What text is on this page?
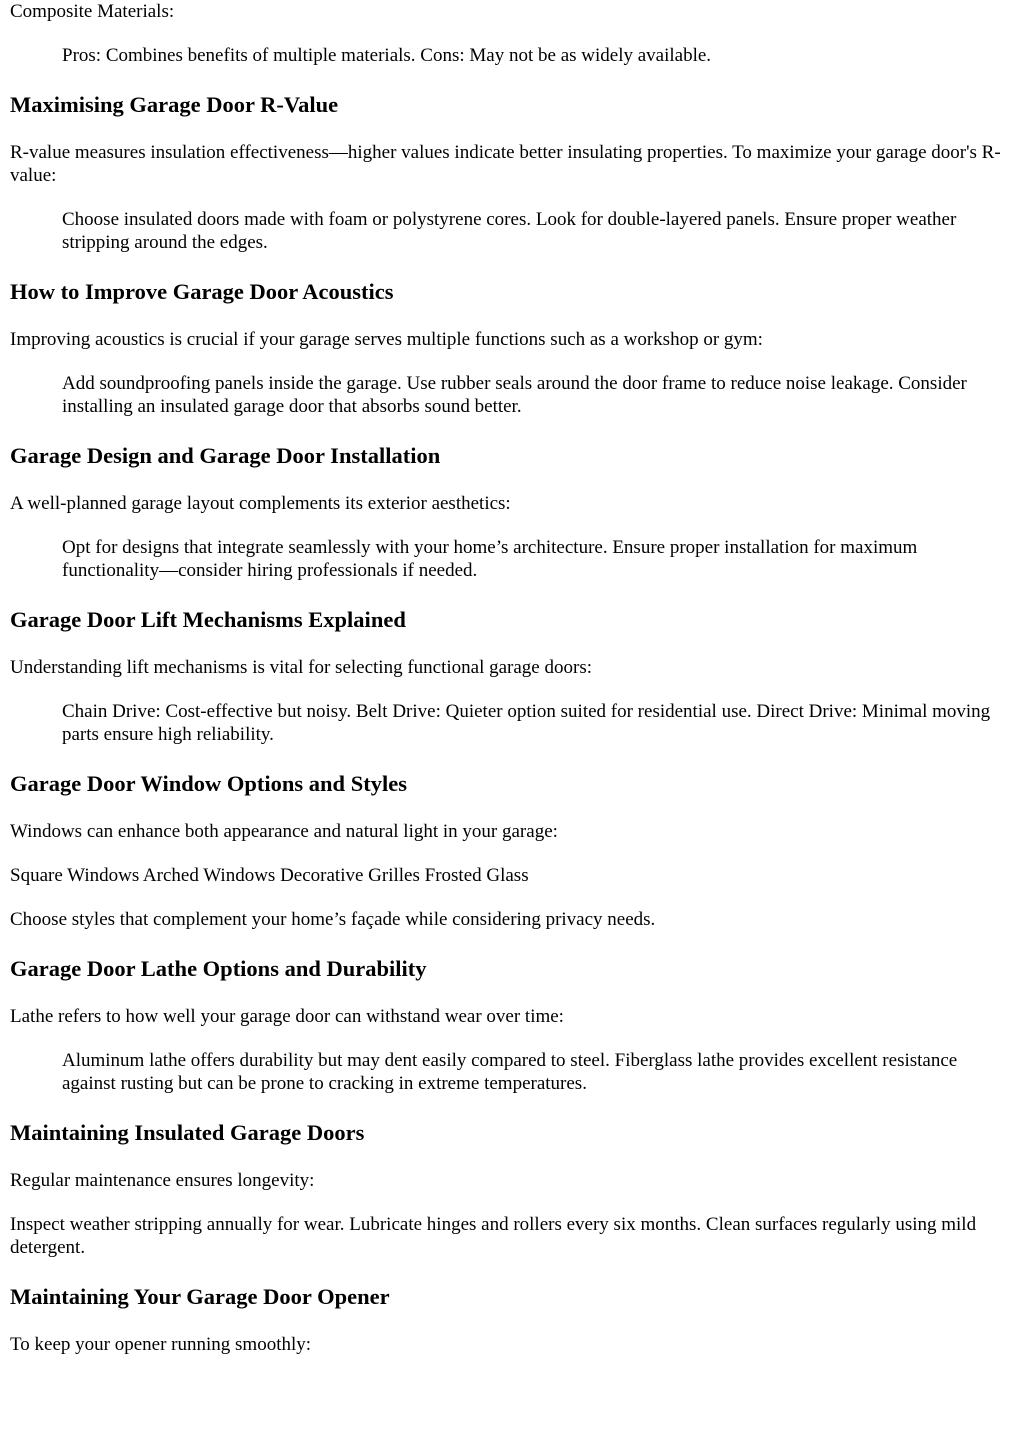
Composite Materials:

Pros: Combines benefits of multiple materials. Cons: May not be as widely available.

Maximising Garage Door R-Value

R-value measures insulation effectiveness—higher values indicate better insulating properties. To maximize your garage door's R-value:

Choose insulated doors made with foam or polystyrene cores. Look for double-layered panels. Ensure proper weather stripping around the edges.

How to Improve Garage Door Acoustics

Improving acoustics is crucial if your garage serves multiple functions such as a workshop or gym:

Add soundproofing panels inside the garage. Use rubber seals around the door frame to reduce noise leakage. Consider installing an insulated garage door that absorbs sound better.

Garage Design and Garage Door Installation

A well-planned garage layout complements its exterior aesthetics:

Opt for designs that integrate seamlessly with your home’s architecture. Ensure proper installation for maximum functionality—consider hiring professionals if needed.

Garage Door Lift Mechanisms Explained

Understanding lift mechanisms is vital for selecting functional garage doors:

Chain Drive: Cost-effective but noisy. Belt Drive: Quieter option suited for residential use. Direct Drive: Minimal moving parts ensure high reliability.

Garage Door Window Options and Styles

Windows can enhance both appearance and natural light in your garage:

Square Windows Arched Windows Decorative Grilles Frosted Glass

Choose styles that complement your home’s façade while considering privacy needs.

Garage Door Lathe Options and Durability

Lathe refers to how well your garage door can withstand wear over time:

Aluminum lathe offers durability but may dent easily compared to steel. Fiberglass lathe provides excellent resistance against rusting but can be prone to cracking in extreme temperatures.

Maintaining Insulated Garage Doors

Regular maintenance ensures longevity:

Inspect weather stripping annually for wear. Lubricate hinges and rollers every six months. Clean surfaces regularly using mild detergent.

Maintaining Your Garage Door Opener

To keep your opener running smoothly:
